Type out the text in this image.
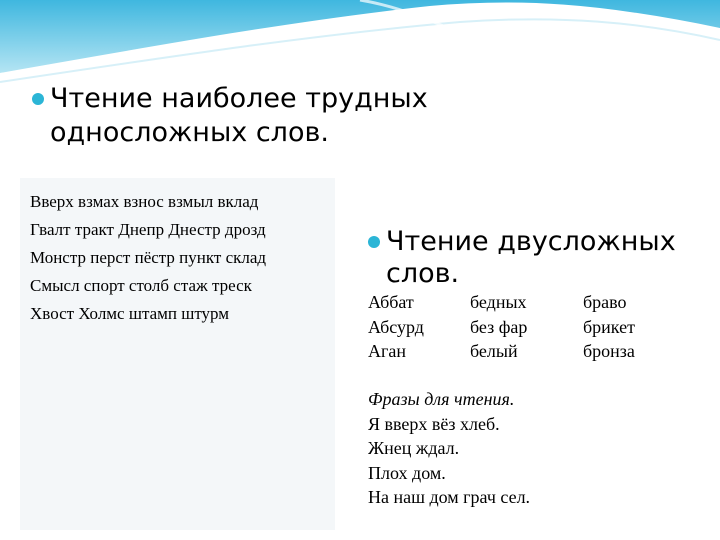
Чтение наиболее трудных
односложных слов.
Вверх взмах взнос взмыл вклад
Гвалт тракт Днепр Днестр дрозд
Монстр перст пёстр пункт склад
Смысл спорт столб стаж треск
Хвост Холмс штамп штурм
Чтение двусложных
слов.
Аббат	бедных	браво
Абсурд	без фар	брикет
Аган	белый	бронза
Фразы для чтения.
Я вверх вёз хлеб.
Жнец ждал.
Плох дом.
На наш дом грач сел.
